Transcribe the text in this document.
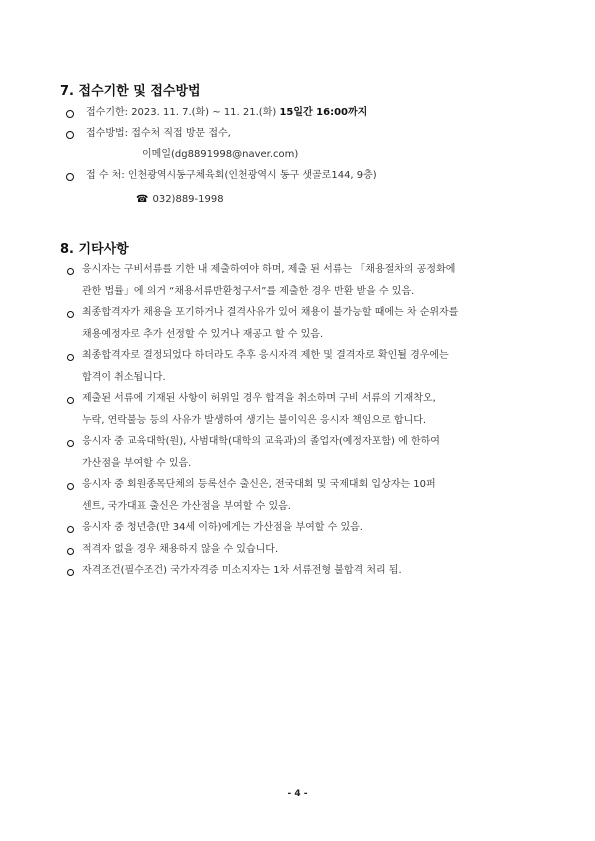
7. 접수기한 및 접수방법
접수기한: 2023. 11. 7.(화) ~ 11. 21.(화) 15일간 16:00까지
접수방법: 접수처 직접 방문 접수,
이메일(dg8891998@naver.com)
접 수 처: 인천광역시동구체육회(인천광역시 동구 샛골로144, 9층)
☎ 032)889-1998
8. 기타사항
응시자는 구비서류를 기한 내 제출하여야 하며, 제출 된 서류는 「채용절차의 공정화에
관한 법률」에 의거 “채용서류반환청구서”를 제출한 경우 반환 받을 수 있음.
최종합격자가 채용을 포기하거나 결격사유가 있어 채용이 불가능할 때에는 차 순위자를
채용예정자로 추가 선정할 수 있거나 재공고 할 수 있음.
최종합격자로 결정되었다 하더라도 추후 응시자격 제한 및 결격자로 확인될 경우에는
합격이 취소됩니다.
제출된 서류에 기재된 사항이 허위일 경우 합격을 취소하며 구비 서류의 기재착오,
누락, 연락불능 등의 사유가 발생하여 생기는 불이익은 응시자 책임으로 합니다.
응시자 중 교육대학(원), 사범대학(대학의 교육과)의 졸업자(예정자포함) 에 한하여
가산점을 부여할 수 있음.
응시자 중 회원종목단체의 등록선수 출신은, 전국대회 및 국제대회 입상자는 10퍼
센트, 국가대표 출신은 가산점을 부여할 수 있음.
응시자 중 청년층(만 34세 이하)에게는 가산점을 부여할 수 있음.
적격자 없을 경우 채용하지 않을 수 있습니다.
자격조건(필수조건) 국가자격증 미소지자는 1차 서류전형 불합격 처리 됨.
- 4 -
